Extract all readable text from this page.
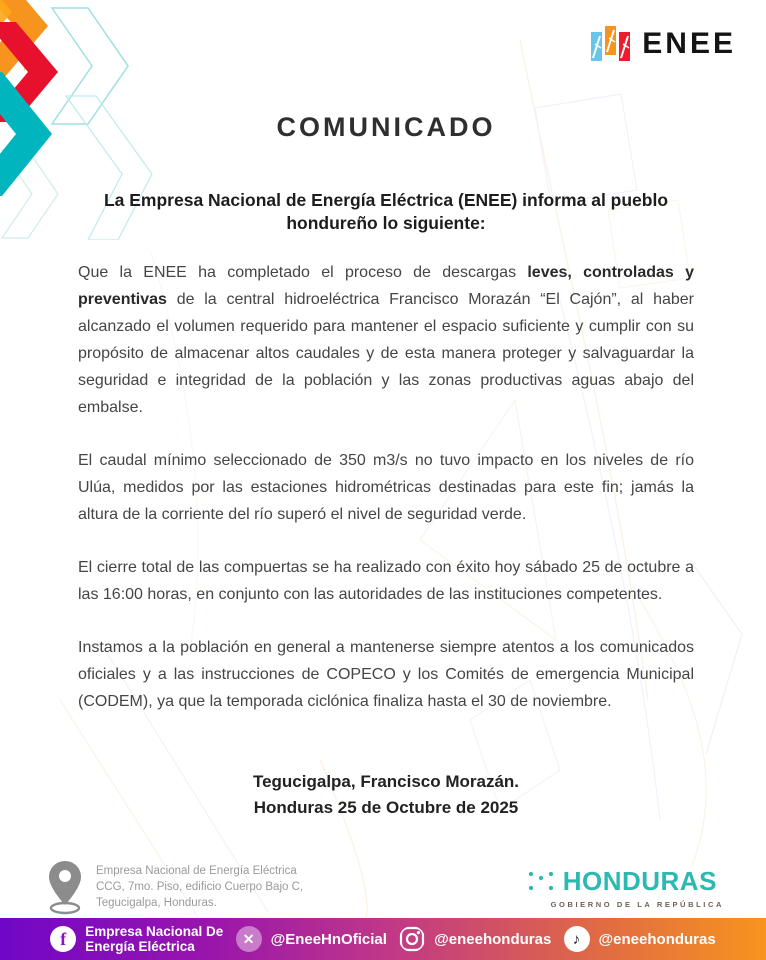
ENEE
COMUNICADO
La Empresa Nacional de Energía Eléctrica (ENEE) informa al pueblo hondureño lo siguiente:

Que la ENEE ha completado el proceso de descargas leves, controladas y preventivas de la central hidroeléctrica Francisco Morazán “El Cajón”, al haber alcanzado el volumen requerido para mantener el espacio suficiente y cumplir con su propósito de almacenar altos caudales y de esta manera proteger y salvaguardar la seguridad e integridad de la población y las zonas productivas aguas abajo del embalse.

El caudal mínimo seleccionado de 350 m3/s no tuvo impacto en los niveles de río Ulúa, medidos por las estaciones hidrométricas destinadas para este fin; jamás la altura de la corriente del río superó el nivel de seguridad verde.

El cierre total de las compuertas se ha realizado con éxito hoy sábado 25 de octubre a las 16:00 horas, en conjunto con las autoridades de las instituciones competentes.

Instamos a la población en general a mantenerse siempre atentos a los comunicados oficiales y a las instrucciones de COPECO y los Comités de emergencia Municipal (CODEM), ya que la temporada ciclónica finaliza hasta el 30 de noviembre.

Tegucigalpa, Francisco Morazán.
Honduras 25 de Octubre de 2025
Empresa Nacional de Energía Eléctrica
CCG, 7mo. Piso, edificio Cuerpo Bajo C,
Tegucigalpa, Honduras.
HONDURAS
GOBIERNO DE LA REPÚBLICA
f Empresa Nacional De
Energía Eléctrica	✕ @EneeHnOficial	@eneehonduras ♪ @eneehonduras
